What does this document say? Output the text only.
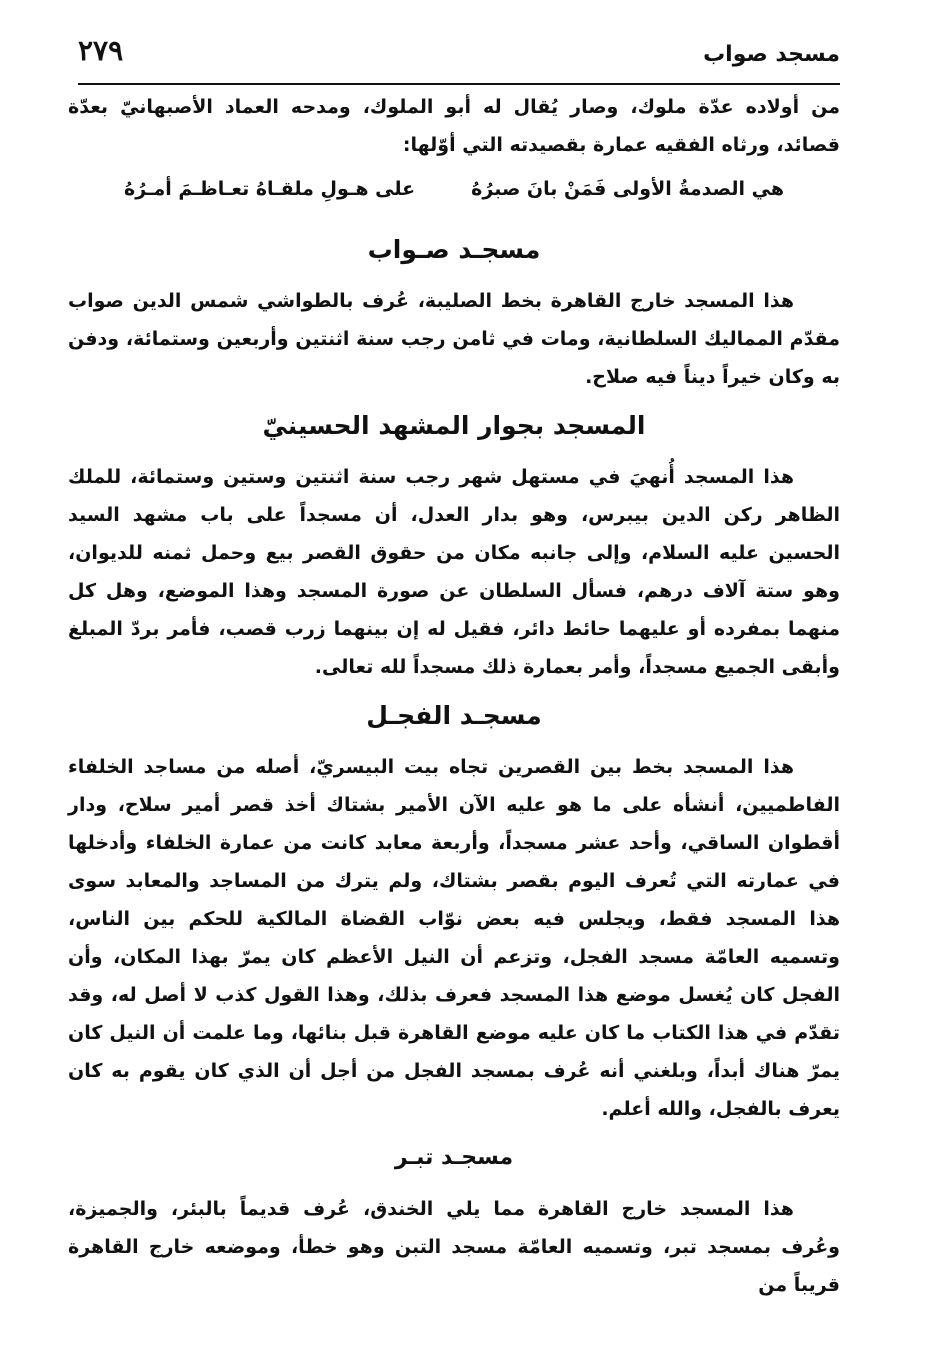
٢٧٩	مسجد صواب

من أولاده عدّة ملوك، وصار يُقال له أبو الملوك، ومدحه العماد الأصبهانيّ بعدّة قصائد، ورثاه الفقيه عمارة بقصيدته التي أوّلها:

هي الصدمةُ الأولى فَمَنْ بانَ صبرُهُ
على هـولِ ملقـاهُ تعـاظـمَ أمـرُهُ
مسجـد صـواب

هذا المسجد خارج القاهرة بخط الصليبة، عُرف بالطواشي شمس الدين صواب مقدّم المماليك السلطانية، ومات في ثامن رجب سنة اثنتين وأربعين وستمائة، ودفن به وكان خيراً ديناً فيه صلاح.

المسجد بجوار المشهد الحسينيّ

هذا المسجد أُنهيَ في مستهل شهر رجب سنة اثنتين وستين وستمائة، للملك الظاهر ركن الدين بيبرس، وهو بدار العدل، أن مسجداً على باب مشهد السيد الحسين عليه السلام، وإلى جانبه مكان من حقوق القصر بيع وحمل ثمنه للديوان، وهو ستة آلاف درهم، فسأل السلطان عن صورة المسجد وهذا الموضع، وهل كل منهما بمفرده أو عليهما حائط دائر، فقيل له إن بينهما زرب قصب، فأمر بردّ المبلغ وأبقى الجميع مسجداً، وأمر بعمارة ذلك مسجداً لله تعالى.

مسجـد الفجـل

هذا المسجد بخط بين القصرين تجاه بيت البيسريّ، أصله من مساجد الخلفاء الفاطميين، أنشأه على ما هو عليه الآن الأمير بشتاك أخذ قصر أمير سلاح، ودار أقطوان الساقي، وأحد عشر مسجداً، وأربعة معابد كانت من عمارة الخلفاء وأدخلها في عمارته التي تُعرف اليوم بقصر بشتاك، ولم يترك من المساجد والمعابد سوى هذا المسجد فقط، ويجلس فيه بعض نوّاب القضاة المالكية للحكم بين الناس، وتسميه العامّة مسجد الفجل، وتزعم أن النيل الأعظم كان يمرّ بهذا المكان، وأن الفجل كان يُغسل موضع هذا المسجد فعرف بذلك، وهذا القول كذب لا أصل له، وقد تقدّم في هذا الكتاب ما كان عليه موضع القاهرة قبل بنائها، وما علمت أن النيل كان يمرّ هناك أبداً، وبلغني أنه عُرف بمسجد الفجل من أجل أن الذي كان يقوم به كان يعرف بالفجل، والله أعلم.

مسجـد تبـر

هذا المسجد خارج القاهرة مما يلي الخندق، عُرف قديماً بالبئر، والجميزة، وعُرف بمسجد تبر، وتسميه العامّة مسجد التبن وهو خطأ، وموضعه خارج القاهرة قريباً من
